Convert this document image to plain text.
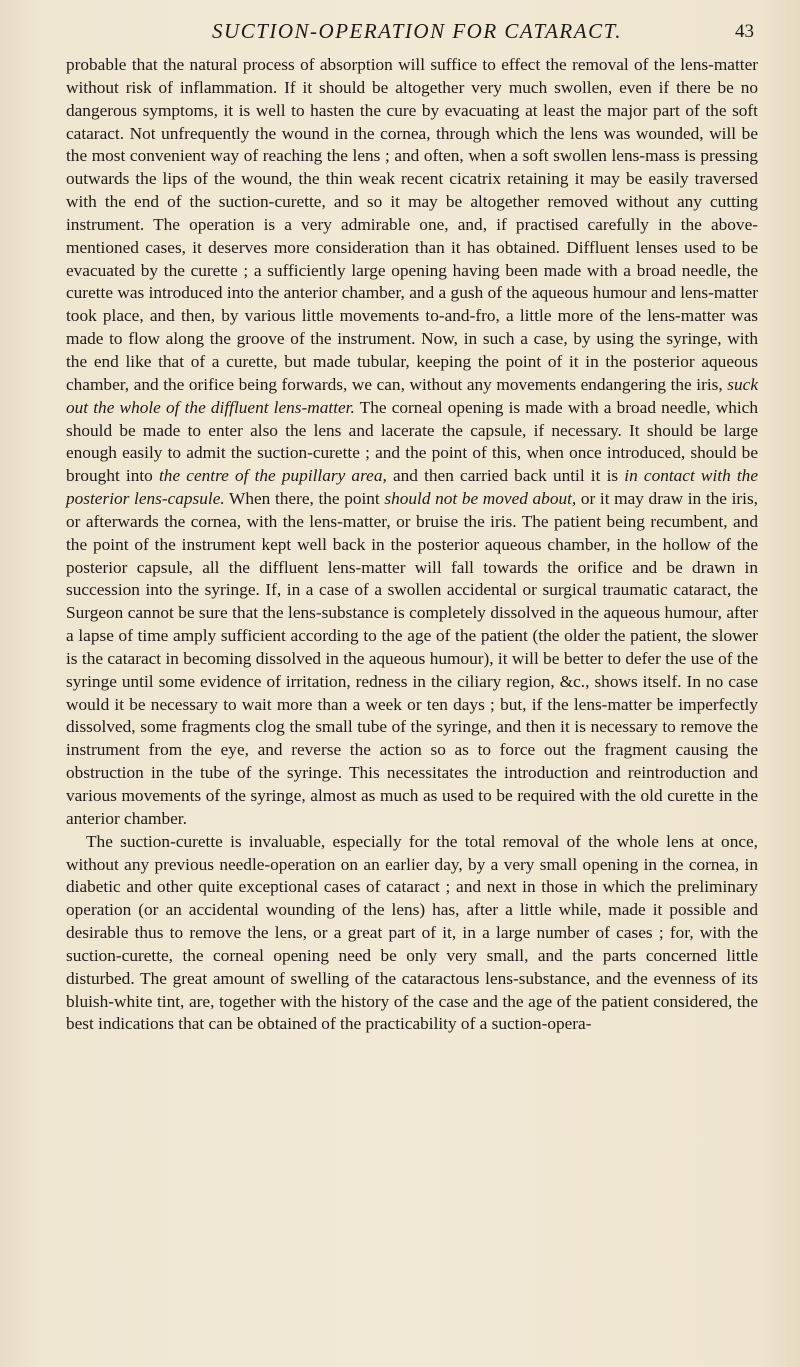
SUCTION-OPERATION FOR CATARACT.	43

probable that the natural process of absorption will suffice to effect the removal of the lens-matter without risk of inflammation. If it should be altogether very much swollen, even if there be no dangerous symptoms, it is well to hasten the cure by evacuating at least the major part of the soft cataract. Not unfrequently the wound in the cornea, through which the lens was wounded, will be the most convenient way of reaching the lens ; and often, when a soft swollen lens-mass is pressing outwards the lips of the wound, the thin weak recent cicatrix retaining it may be easily traversed with the end of the suction-curette, and so it may be altogether removed without any cutting instrument. The operation is a very admirable one, and, if practised carefully in the above-mentioned cases, it deserves more consideration than it has obtained. Diffluent lenses used to be evacuated by the curette ; a sufficiently large opening having been made with a broad needle, the curette was introduced into the anterior chamber, and a gush of the aqueous humour and lens-matter took place, and then, by various little movements to-and-fro, a little more of the lens-matter was made to flow along the groove of the instrument. Now, in such a case, by using the syringe, with the end like that of a curette, but made tubular, keeping the point of it in the posterior aqueous chamber, and the orifice being forwards, we can, without any movements endangering the iris, suck out the whole of the diffluent lens-matter. The corneal opening is made with a broad needle, which should be made to enter also the lens and lacerate the capsule, if necessary. It should be large enough easily to admit the suction-curette ; and the point of this, when once introduced, should be brought into the centre of the pupillary area, and then carried back until it is in contact with the posterior lens-capsule. When there, the point should not be moved about, or it may draw in the iris, or afterwards the cornea, with the lens-matter, or bruise the iris. The patient being recumbent, and the point of the instrument kept well back in the posterior aqueous chamber, in the hollow of the posterior capsule, all the diffluent lens-matter will fall towards the orifice and be drawn in succession into the syringe. If, in a case of a swollen accidental or surgical traumatic cataract, the Surgeon cannot be sure that the lens-substance is completely dissolved in the aqueous humour, after a lapse of time amply sufficient according to the age of the patient (the older the patient, the slower is the cataract in becoming dissolved in the aqueous humour), it will be better to defer the use of the syringe until some evidence of irritation, redness in the ciliary region, &c., shows itself. In no case would it be necessary to wait more than a week or ten days ; but, if the lens-matter be imperfectly dissolved, some fragments clog the small tube of the syringe, and then it is necessary to remove the instrument from the eye, and reverse the action so as to force out the fragment causing the obstruction in the tube of the syringe. This necessitates the introduction and reintroduction and various movements of the syringe, almost as much as used to be required with the old curette in the anterior chamber.

The suction-curette is invaluable, especially for the total removal of the whole lens at once, without any previous needle-operation on an earlier day, by a very small opening in the cornea, in diabetic and other quite exceptional cases of cataract ; and next in those in which the preliminary operation (or an accidental wounding of the lens) has, after a little while, made it possible and desirable thus to remove the lens, or a great part of it, in a large number of cases ; for, with the suction-curette, the corneal opening need be only very small, and the parts concerned little disturbed. The great amount of swelling of the cataractous lens-substance, and the evenness of its bluish-white tint, are, together with the history of the case and the age of the patient considered, the best indications that can be obtained of the practicability of a suction-opera-
